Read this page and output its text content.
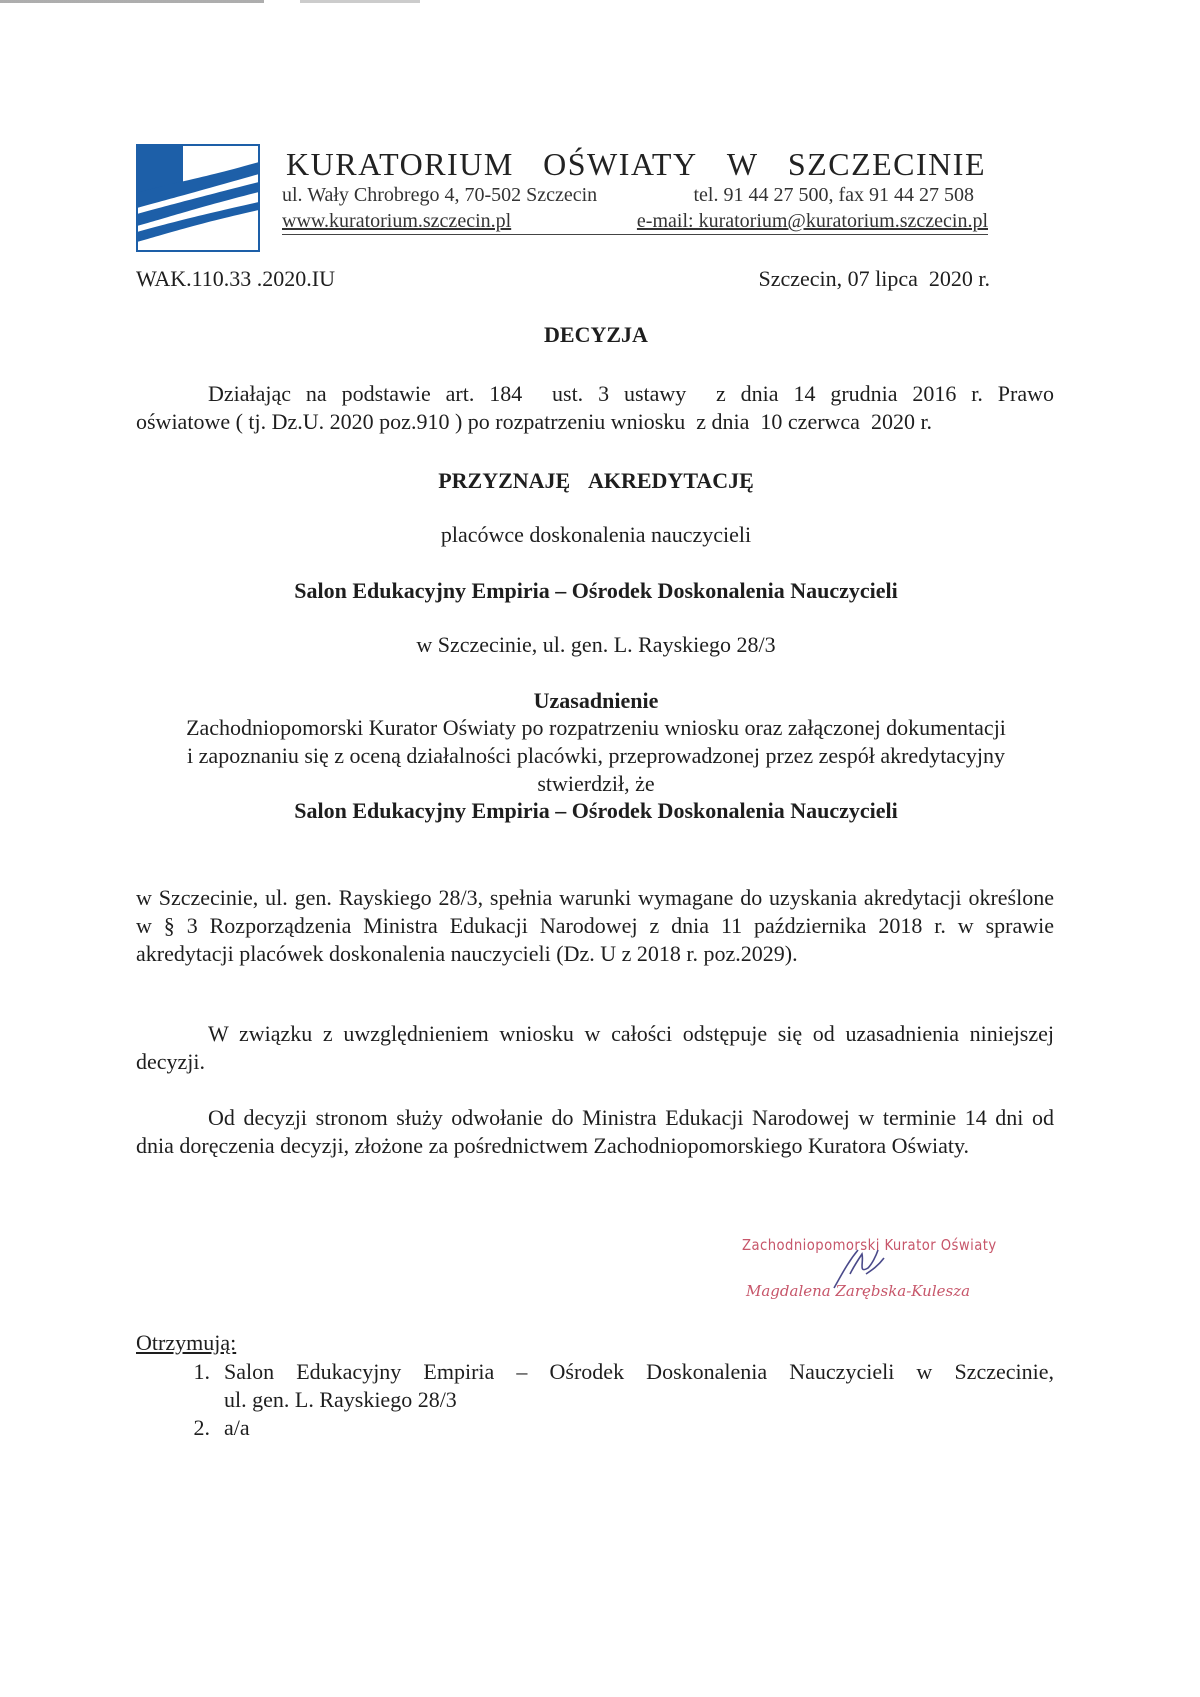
KURATORIUM OŚWIATY W SZCZECINIE
ul. Wały Chrobrego 4, 70-502 Szczecin	tel. 91 44 27 500, fax 91 44 27 508
www.kuratorium.szczecin.pl	e-mail: kuratorium@kuratorium.szczecin.pl
WAK.110.33 .2020.IU	Szczecin, 07 lipca  2020 r.
DECYZJA
Działając na podstawie art. 184  ust. 3 ustawy  z dnia 14 grudnia 2016 r. Prawo
oświatowe ( tj. Dz.U. 2020 poz.910 ) po rozpatrzeniu wniosku  z dnia  10 czerwca  2020 r.
PRZYZNAJĘ  AKREDYTACJĘ
placówce doskonalenia nauczycieli
Salon Edukacyjny Empiria – Ośrodek Doskonalenia Nauczycieli
w Szczecinie, ul. gen. L. Rayskiego 28/3
Uzasadnienie
Zachodniopomorski Kurator Oświaty po rozpatrzeniu wniosku oraz załączonej dokumentacji
i zapoznaniu się z oceną działalności placówki, przeprowadzonej przez zespół akredytacyjny
stwierdził, że
Salon Edukacyjny Empiria – Ośrodek Doskonalenia Nauczycieli
w Szczecinie, ul. gen. Rayskiego 28/3, spełnia warunki wymagane do uzyskania akredytacji określone w § 3 Rozporządzenia Ministra Edukacji Narodowej z dnia 11 października 2018 r. w sprawie akredytacji placówek doskonalenia nauczycieli (Dz. U z 2018 r. poz.2029).
W związku z uwzględnieniem wniosku w całości odstępuje się od uzasadnienia niniejszej decyzji.
Od decyzji stronom służy odwołanie do Ministra Edukacji Narodowej w terminie 14 dni od dnia doręczenia decyzji, złożone za pośrednictwem Zachodniopomorskiego Kuratora Oświaty.
Zachodniopomorski Kurator Oświaty
Magdalena Zarębska-Kulesza
Otrzymują:
1. Salon Edukacyjny Empiria – Ośrodek Doskonalenia Nauczycieli w Szczecinie,
ul. gen. L. Rayskiego 28/3
2. a/a
